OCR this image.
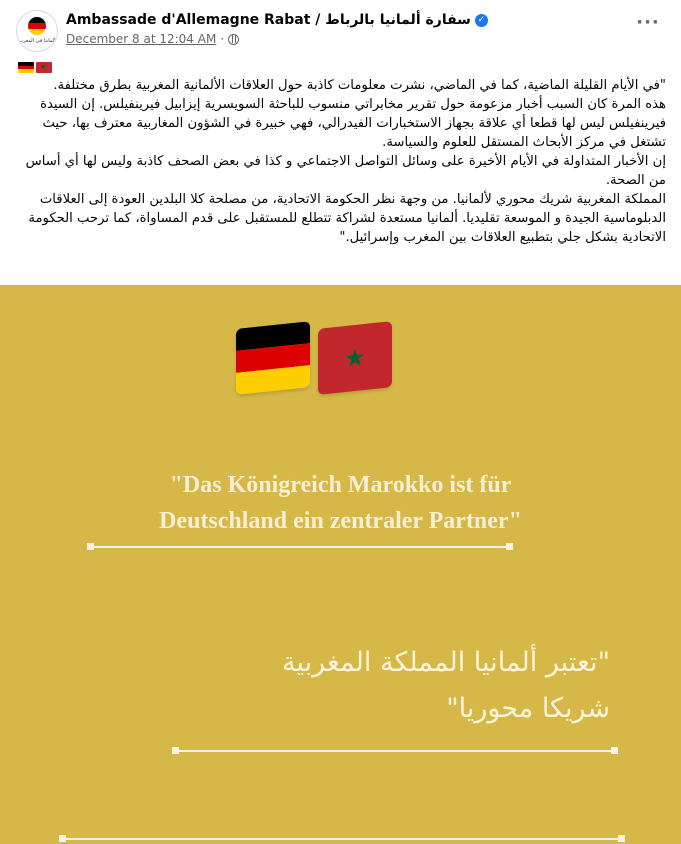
ألمانيا في المغرب
Ambassade d'Allemagne Rabat / سفارة ألمانيا بالرباط ✓
December 8 at 12:04 AM ·
···
★

"في الأيام القليلة الماضية، كما في الماضي، نشرت معلومات كاذبة حول العلاقات الألمانية المغربية بطرق مختلفة.

هذه المرة كان السبب أخبار مزعومة حول تقرير مخابراتي منسوب للباحثة السويسرية إيزابيل فيرينفيلس. إن السيدة فيرينفيلس ليس لها قطعا أي علاقة بجهاز الاستخبارات الفيدرالي، فهي خبيرة في الشؤون المغاربية معترف بها، حيث تشتغل في مركز الأبحاث المستقل للعلوم والسياسة.

إن الأخبار المتداولة في الأيام الأخيرة على وسائل التواصل الاجتماعي و كذا في بعض الصحف كاذبة وليس لها أي أساس من الصحة.

المملكة المغربية شريك محوري لألمانيا. من وجهة نظر الحكومة الاتحادية، من مصلحة كلا البلدين العودة إلى العلاقات الدبلوماسية الجيدة و الموسعة تقليديا. ألمانيا مستعدة لشراكة تتطلع للمستقبل على قدم المساواة، كما ترحب الحكومة الاتحادية بشكل جلي بتطبيع العلاقات بين المغرب وإسرائيل."

★
"Das Königreich Marokko ist für
Deutschland ein zentraler Partner"
"تعتبر ألمانيا المملكة المغربية
شريكا محوريا"
